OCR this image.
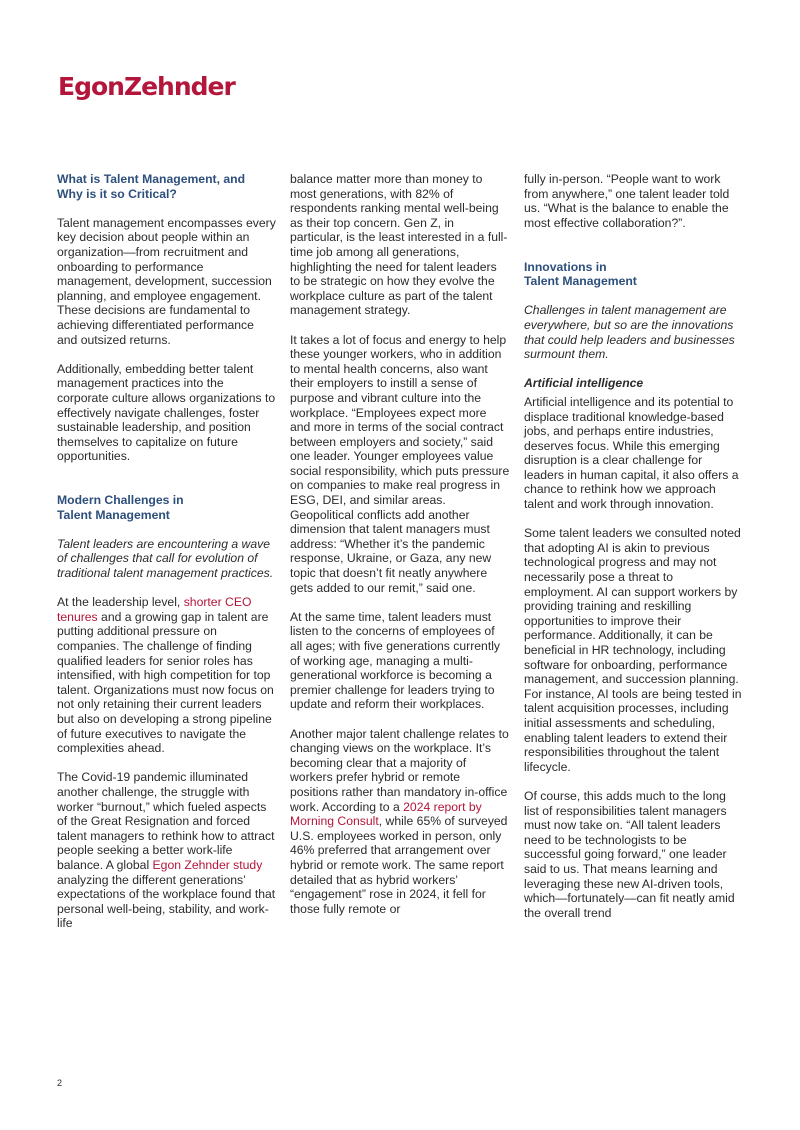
EgonZehnder
What is Talent Management, and
Why is it so Critical?

Talent management encompasses every key decision about people within an organization—from recruitment and onboarding to performance management, development, succession planning, and employee engagement. These decisions are fundamental to achieving differentiated performance and outsized returns.

Additionally, embedding better talent management practices into the corporate culture allows organizations to effectively navigate challenges, foster sustainable leadership, and position themselves to capitalize on future opportunities.

Modern Challenges in
Talent Management

Talent leaders are encountering a wave of challenges that call for evolution of traditional talent management practices.

At the leadership level, shorter CEO tenures and a growing gap in talent are putting additional pressure on companies. The challenge of finding qualified leaders for senior roles has intensified, with high competition for top talent. Organizations must now focus on not only retaining their current leaders but also on developing a strong pipeline of future executives to navigate the complexities ahead.

The Covid-19 pandemic illuminated another challenge, the struggle with worker “burnout,” which fueled aspects of the Great Resignation and forced talent managers to rethink how to attract people seeking a better work-life balance. A global Egon Zehnder study analyzing the different generations’ expectations of the workplace found that personal well-being, stability, and work-life

balance matter more than money to most generations, with 82% of respondents ranking mental well-being as their top concern. Gen Z, in particular, is the least interested in a full-time job among all generations, highlighting the need for talent leaders to be strategic on how they evolve the workplace culture as part of the talent management strategy.

It takes a lot of focus and energy to help these younger workers, who in addition to mental health concerns, also want their employers to instill a sense of purpose and vibrant culture into the workplace. “Employees expect more and more in terms of the social contract between employers and society,” said one leader. Younger employees value social responsibility, which puts pressure on companies to make real progress in ESG, DEI, and similar areas. Geopolitical conflicts add another dimension that talent managers must address: “Whether it’s the pandemic response, Ukraine, or Gaza, any new topic that doesn’t fit neatly anywhere gets added to our remit,” said one.

At the same time, talent leaders must listen to the concerns of employees of all ages; with five generations currently of working age, managing a multi-generational workforce is becoming a premier challenge for leaders trying to update and reform their workplaces.

Another major talent challenge relates to changing views on the workplace. It’s becoming clear that a majority of workers prefer hybrid or remote positions rather than mandatory in-office work. According to a 2024 report by Morning Consult, while 65% of surveyed U.S. employees worked in person, only 46% preferred that arrangement over hybrid or remote work. The same report detailed that as hybrid workers’ “engagement” rose in 2024, it fell for those fully remote or

fully in-person. “People want to work from anywhere,” one talent leader told us. “What is the balance to enable the most effective collaboration?”.

Innovations in
Talent Management

Challenges in talent management are everywhere, but so are the innovations that could help leaders and businesses surmount them.

Artificial intelligence

Artificial intelligence and its potential to displace traditional knowledge-based jobs, and perhaps entire industries, deserves focus. While this emerging disruption is a clear challenge for leaders in human capital, it also offers a chance to rethink how we approach talent and work through innovation.

Some talent leaders we consulted noted that adopting AI is akin to previous technological progress and may not necessarily pose a threat to employment. AI can support workers by providing training and reskilling opportunities to improve their performance. Additionally, it can be beneficial in HR technology, including software for onboarding, performance management, and succession planning. For instance, AI tools are being tested in talent acquisition processes, including initial assessments and scheduling, enabling talent leaders to extend their responsibilities throughout the talent lifecycle.

Of course, this adds much to the long list of responsibilities talent managers must now take on. “All talent leaders need to be technologists to be successful going forward,” one leader said to us. That means learning and leveraging these new AI-driven tools, which—fortunately—can fit neatly amid the overall trend

2
